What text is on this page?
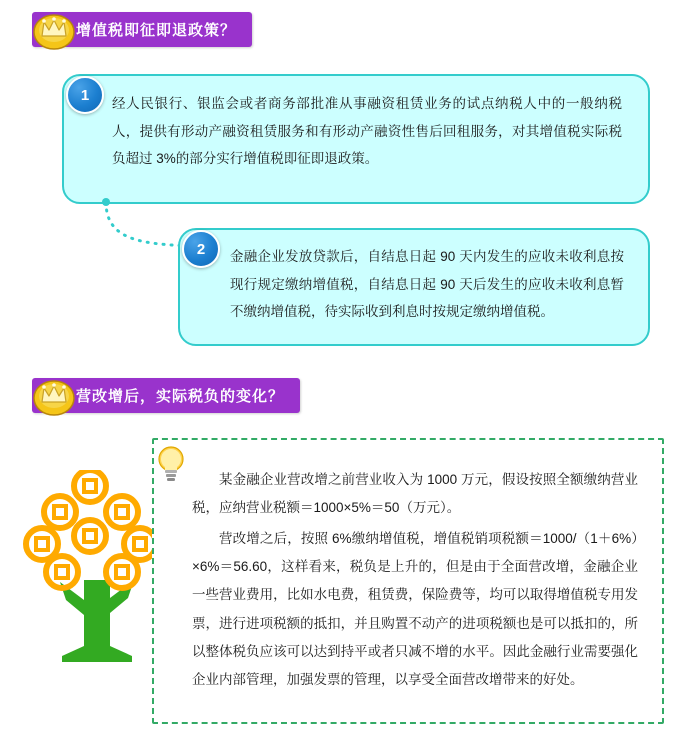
增值税即征即退政策？
经人民银行、银监会或者商务部批准从事融资租赁业务的试点纳税人中的一般纳税人，提供有形动产融资租赁服务和有形动产融资性售后回租服务，对其增值税实际税负超过 3%的部分实行增值税即征即退政策。
1
金融企业发放贷款后，自结息日起 90 天内发生的应收未收利息按现行规定缴纳增值税，自结息日起 90 天后发生的应收未收利息暂不缴纳增值税，待实际收到利息时按规定缴纳增值税。
2
营改增后，实际税负的变化？

某金融企业营改增之前营业收入为 1000 万元，假设按照全额缴纳营业税，应纳营业税额＝1000×5%＝50（万元）。

营改增之后，按照 6%缴纳增值税，增值税销项税额＝1000/（1＋6%）×6%＝56.60，这样看来，税负是上升的，但是由于全面营改增，金融企业一些营业费用，比如水电费，租赁费，保险费等，均可以取得增值税专用发票，进行进项税额的抵扣，并且购置不动产的进项税额也是可以抵扣的，所以整体税负应该可以达到持平或者只减不增的水平。因此金融行业需要强化企业内部管理，加强发票的管理，以享受全面营改增带来的好处。
